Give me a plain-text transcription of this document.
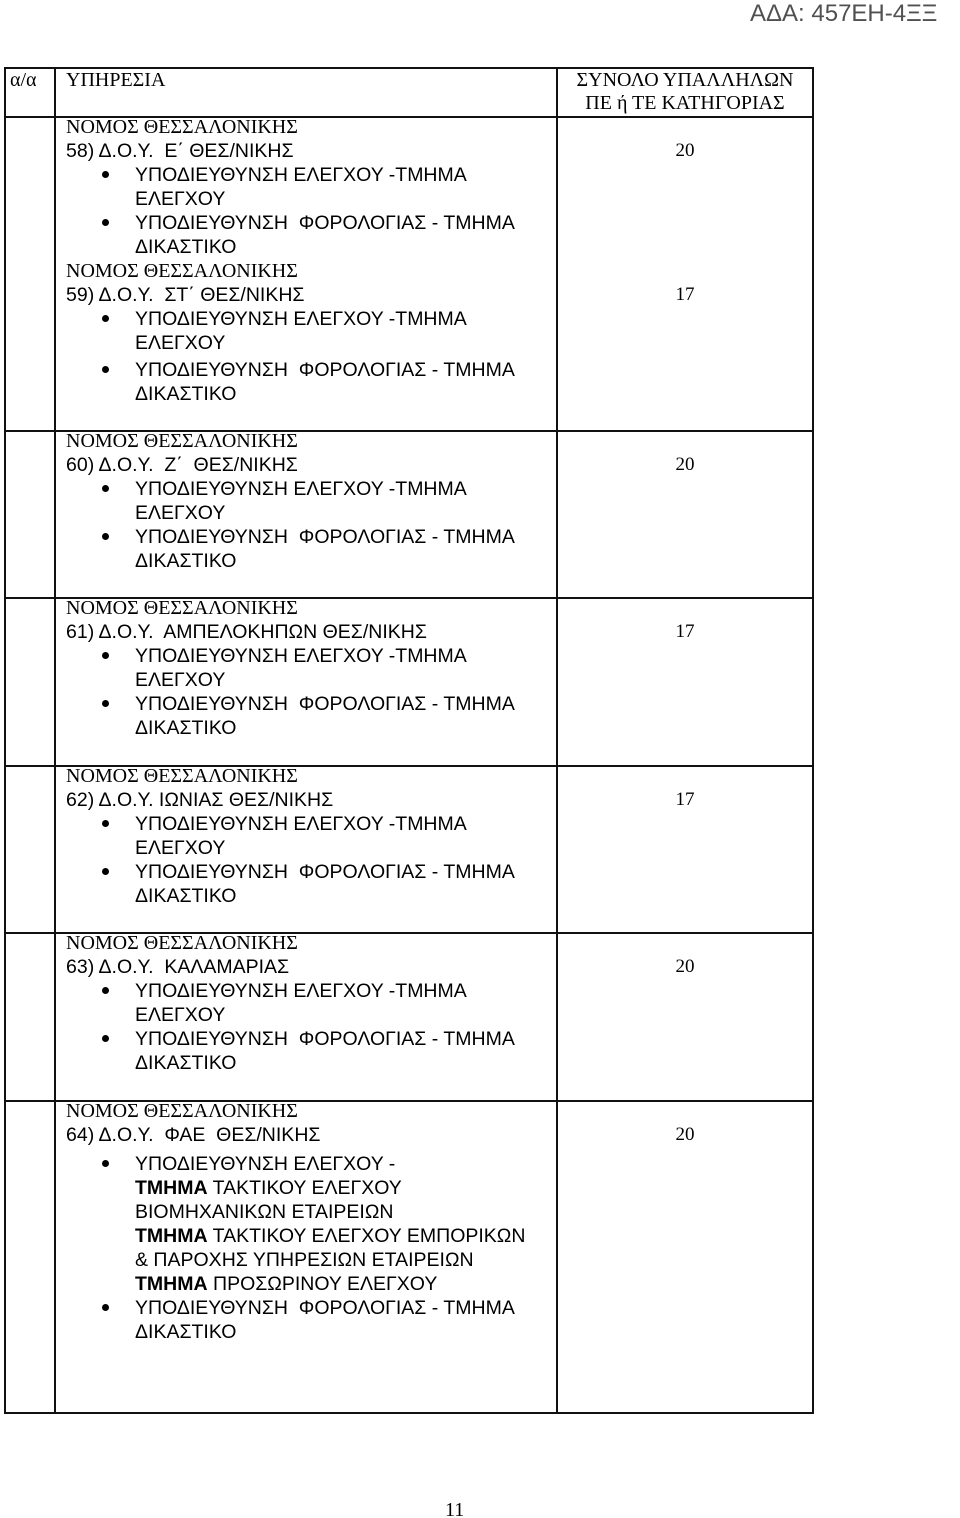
ΑΔΑ: 457ΕΗ-4ΞΞ
α/α	ΥΠΗΡΕΣΙΑ	ΣΥΝΟΛΟ ΥΠΑΛΛΗΛΩΝ
ΠΕ ή ΤΕ ΚΑΤΗΓΟΡΙΑΣ
ΝΟΜΟΣ ΘΕΣΣΑΛΟΝΙΚΗΣ
58) Δ.Ο.Υ.  Ε΄ ΘΕΣ/ΝΙΚΗΣ
ΥΠΟΔΙΕΥΘΥΝΣΗ ΕΛΕΓΧΟΥ -ΤΜΗΜΑ
ΕΛΕΓΧΟΥ
ΥΠΟΔΙΕΥΘΥΝΣΗ  ΦΟΡΟΛΟΓΙΑΣ - ΤΜΗΜΑ
ΔΙΚΑΣΤΙΚΟ
ΝΟΜΟΣ ΘΕΣΣΑΛΟΝΙΚΗΣ
59) Δ.Ο.Υ.  ΣΤ΄ ΘΕΣ/ΝΙΚΗΣ
ΥΠΟΔΙΕΥΘΥΝΣΗ ΕΛΕΓΧΟΥ -ΤΜΗΜΑ
ΕΛΕΓΧΟΥ
ΥΠΟΔΙΕΥΘΥΝΣΗ  ΦΟΡΟΛΟΓΙΑΣ - ΤΜΗΜΑ
ΔΙΚΑΣΤΙΚΟ
20
17
ΝΟΜΟΣ ΘΕΣΣΑΛΟΝΙΚΗΣ
60) Δ.Ο.Υ.  Ζ΄  ΘΕΣ/ΝΙΚΗΣ
ΥΠΟΔΙΕΥΘΥΝΣΗ ΕΛΕΓΧΟΥ -ΤΜΗΜΑ
ΕΛΕΓΧΟΥ
ΥΠΟΔΙΕΥΘΥΝΣΗ  ΦΟΡΟΛΟΓΙΑΣ - ΤΜΗΜΑ
ΔΙΚΑΣΤΙΚΟ
20
ΝΟΜΟΣ ΘΕΣΣΑΛΟΝΙΚΗΣ
61) Δ.Ο.Υ.  ΑΜΠΕΛΟΚΗΠΩΝ ΘΕΣ/ΝΙΚΗΣ
ΥΠΟΔΙΕΥΘΥΝΣΗ ΕΛΕΓΧΟΥ -ΤΜΗΜΑ
ΕΛΕΓΧΟΥ
ΥΠΟΔΙΕΥΘΥΝΣΗ  ΦΟΡΟΛΟΓΙΑΣ - ΤΜΗΜΑ
ΔΙΚΑΣΤΙΚΟ
17
ΝΟΜΟΣ ΘΕΣΣΑΛΟΝΙΚΗΣ
62) Δ.Ο.Υ. ΙΩΝΙΑΣ ΘΕΣ/ΝΙΚΗΣ
ΥΠΟΔΙΕΥΘΥΝΣΗ ΕΛΕΓΧΟΥ -ΤΜΗΜΑ
ΕΛΕΓΧΟΥ
ΥΠΟΔΙΕΥΘΥΝΣΗ  ΦΟΡΟΛΟΓΙΑΣ - ΤΜΗΜΑ
ΔΙΚΑΣΤΙΚΟ
17
ΝΟΜΟΣ ΘΕΣΣΑΛΟΝΙΚΗΣ
63) Δ.Ο.Υ.  ΚΑΛΑΜΑΡΙΑΣ
ΥΠΟΔΙΕΥΘΥΝΣΗ ΕΛΕΓΧΟΥ -ΤΜΗΜΑ
ΕΛΕΓΧΟΥ
ΥΠΟΔΙΕΥΘΥΝΣΗ  ΦΟΡΟΛΟΓΙΑΣ - ΤΜΗΜΑ
ΔΙΚΑΣΤΙΚΟ
20
ΝΟΜΟΣ ΘΕΣΣΑΛΟΝΙΚΗΣ
64) Δ.Ο.Υ.  ΦΑΕ  ΘΕΣ/ΝΙΚΗΣ
ΥΠΟΔΙΕΥΘΥΝΣΗ ΕΛΕΓΧΟΥ -
ΤΜΗΜΑ ΤΑΚΤΙΚΟΥ ΕΛΕΓΧΟΥ
ΒΙΟΜΗΧΑΝΙΚΩΝ ΕΤΑΙΡΕΙΩΝ
ΤΜΗΜΑ ΤΑΚΤΙΚΟΥ ΕΛΕΓΧΟΥ ΕΜΠΟΡΙΚΩΝ
& ΠΑΡΟΧΗΣ ΥΠΗΡΕΣΙΩΝ ΕΤΑΙΡΕΙΩΝ
ΤΜΗΜΑ ΠΡΟΣΩΡΙΝΟΥ ΕΛΕΓΧΟΥ
ΥΠΟΔΙΕΥΘΥΝΣΗ  ΦΟΡΟΛΟΓΙΑΣ - ΤΜΗΜΑ
ΔΙΚΑΣΤΙΚΟ
20
11
